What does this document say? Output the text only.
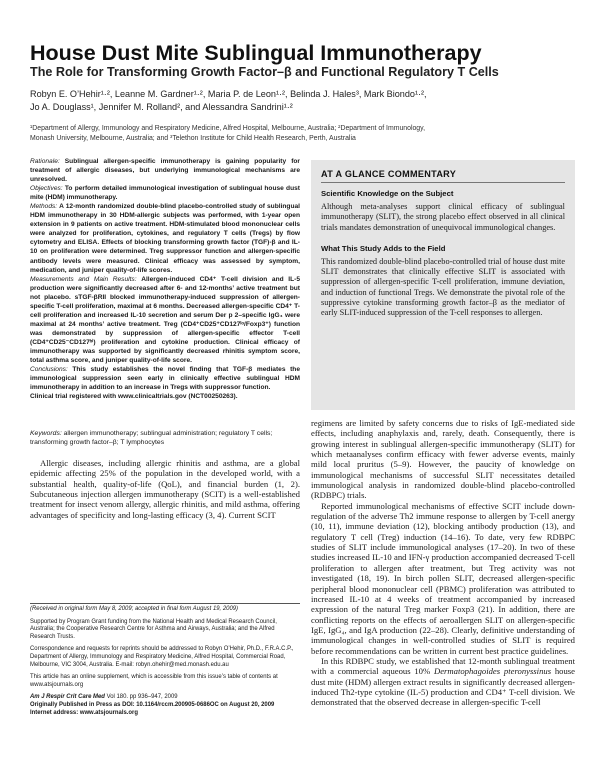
House Dust Mite Sublingual Immunotherapy
The Role for Transforming Growth Factor–β and Functional Regulatory T Cells
Robyn E. O’Hehir¹·², Leanne M. Gardner¹·², Maria P. de Leon¹·², Belinda J. Hales³, Mark Biondo¹·²,
Jo A. Douglass¹, Jennifer M. Rolland², and Alessandra Sandrini¹·²
¹Department of Allergy, Immunology and Respiratory Medicine, Alfred Hospital, Melbourne, Australia; ²Department of Immunology,
Monash University, Melbourne, Australia; and ³Telethon Institute for Child Health Research, Perth, Australia

Rationale: Sublingual allergen-specific immunotherapy is gaining popularity for treatment of allergic diseases, but underlying immunological mechanisms are unresolved.

Objectives: To perform detailed immunological investigation of sublingual house dust mite (HDM) immunotherapy.

Methods: A 12-month randomized double-blind placebo-controlled study of sublingual HDM immunotherapy in 30 HDM-allergic subjects was performed, with 1-year open extension in 9 patients on active treatment. HDM-stimulated blood mononuclear cells were analyzed for proliferation, cytokines, and regulatory T cells (Tregs) by flow cytometry and ELISA. Effects of blocking transforming growth factor (TGF)-β and IL-10 on proliferation were determined. Treg suppressor function and allergen-specific antibody levels were measured. Clinical efficacy was assessed by symptom, medication, and juniper quality-of-life scores.

Measurements and Main Results: Allergen-induced CD4⁺ T-cell division and IL-5 production were significantly decreased after 6- and 12-months’ active treatment but not placebo. sTGF-βRII blocked immunotherapy-induced suppression of allergen-specific T-cell proliferation, maximal at 6 months. Decreased allergen-specific CD4⁺ T-cell proliferation and increased IL-10 secretion and serum Der p 2–specific IgG₄ were maximal at 24 months’ active treatment. Treg (CD4⁺CD25⁺CD127ˡᵒ/Foxp3⁺) function was demonstrated by suppression of allergen-specific effector T-cell (CD4⁺CD25⁻CD127ʰⁱ) proliferation and cytokine production. Clinical efficacy of immunotherapy was supported by significantly decreased rhinitis symptom score, total asthma score, and juniper quality-of-life score.

Conclusions: This study establishes the novel finding that TGF-β mediates the immunological suppression seen early in clinically effective sublingual HDM immunotherapy in addition to an increase in Tregs with suppressor function.

Clinical trial registered with www.clinicaltrials.gov (NCT00250263).

Keywords: allergen immunotherapy; sublingual administration; regulatory T cells; transforming growth factor–β; T lymphocytes

Allergic diseases, including allergic rhinitis and asthma, are a global epidemic affecting 25% of the population in the developed world, with a substantial health, quality-of-life (QoL), and financial burden (1, 2). Subcutaneous injection allergen immunotherapy (SCIT) is a well-established treatment for insect venom allergy, allergic rhinitis, and mild asthma, offering advantages of specificity and long-lasting efficacy (3, 4). Current SCIT

(Received in original form May 8, 2009; accepted in final form August 19, 2009)

Supported by Program Grant funding from the National Health and Medical Research Council, Australia; the Cooperative Research Centre for Asthma and Airways, Australia; and the Alfred Research Trusts.

Correspondence and requests for reprints should be addressed to Robyn O’Hehir, Ph.D., F.R.A.C.P., Department of Allergy, Immunology and Respiratory Medicine, Alfred Hospital, Commercial Road, Melbourne, VIC 3004, Australia. E-mail: robyn.ohehir@med.monash.edu.au

This article has an online supplement, which is accessible from this issue’s table of contents at www.atsjournals.org

Am J Respir Crit Care Med Vol 180. pp 936–947, 2009

Originally Published in Press as DOI: 10.1164/rccm.200905-0686OC on August 20, 2009

Internet address: www.atsjournals.org

AT A GLANCE COMMENTARY
Scientific Knowledge on the Subject

Although meta-analyses support clinical efficacy of sublingual immunotherapy (SLIT), the strong placebo effect observed in all clinical trials mandates demonstration of unequivocal immunological changes.

What This Study Adds to the Field

This randomized double-blind placebo-controlled trial of house dust mite SLIT demonstrates that clinically effective SLIT is associated with suppression of allergen-specific T-cell proliferation, immune deviation, and induction of functional Tregs. We demonstrate the pivotal role of the suppressive cytokine transforming growth factor–β as the mediator of early SLIT-induced suppression of the T-cell responses to allergen.

regimens are limited by safety concerns due to risks of IgE-mediated side effects, including anaphylaxis and, rarely, death. Consequently, there is growing interest in sublingual allergen-specific immunotherapy (SLIT) for which metaanalyses confirm efficacy with fewer adverse events, mainly mild local pruritus (5–9). However, the paucity of knowledge on immunological mechanisms of successful SLIT necessitates detailed immunological analysis in randomized double-blind placebo-controlled (RDBPC) trials.

Reported immunological mechanisms of effective SCIT include down-regulation of the adverse Th2 immune response to allergen by T-cell anergy (10, 11), immune deviation (12), blocking antibody production (13), and regulatory T cell (Treg) induction (14–16). To date, very few RDBPC studies of SLIT include immunological analyses (17–20). In two of these studies increased IL-10 and IFN-γ production accompanied decreased T-cell proliferation to allergen after treatment, but Treg activity was not investigated (18, 19). In birch pollen SLIT, decreased allergen-specific peripheral blood mononuclear cell (PBMC) proliferation was attributed to increased IL-10 at 4 weeks of treatment accompanied by increased expression of the natural Treg marker Foxp3 (21). In addition, there are conflicting reports on the effects of aeroallergen SLIT on allergen-specific IgE, IgG₄, and IgA production (22–28). Clearly, definitive understanding of immunological changes in well-controlled studies of SLIT is required before recommendations can be written in current best practice guidelines.

In this RDBPC study, we established that 12-month sublingual treatment with a commercial aqueous 10% Dermatophagoides pteronyssinus house dust mite (HDM) allergen extract results in significantly decreased allergen-induced Th2-type cytokine (IL-5) production and CD4⁺ T-cell division. We demonstrated that the observed decrease in allergen-specific T-cell
